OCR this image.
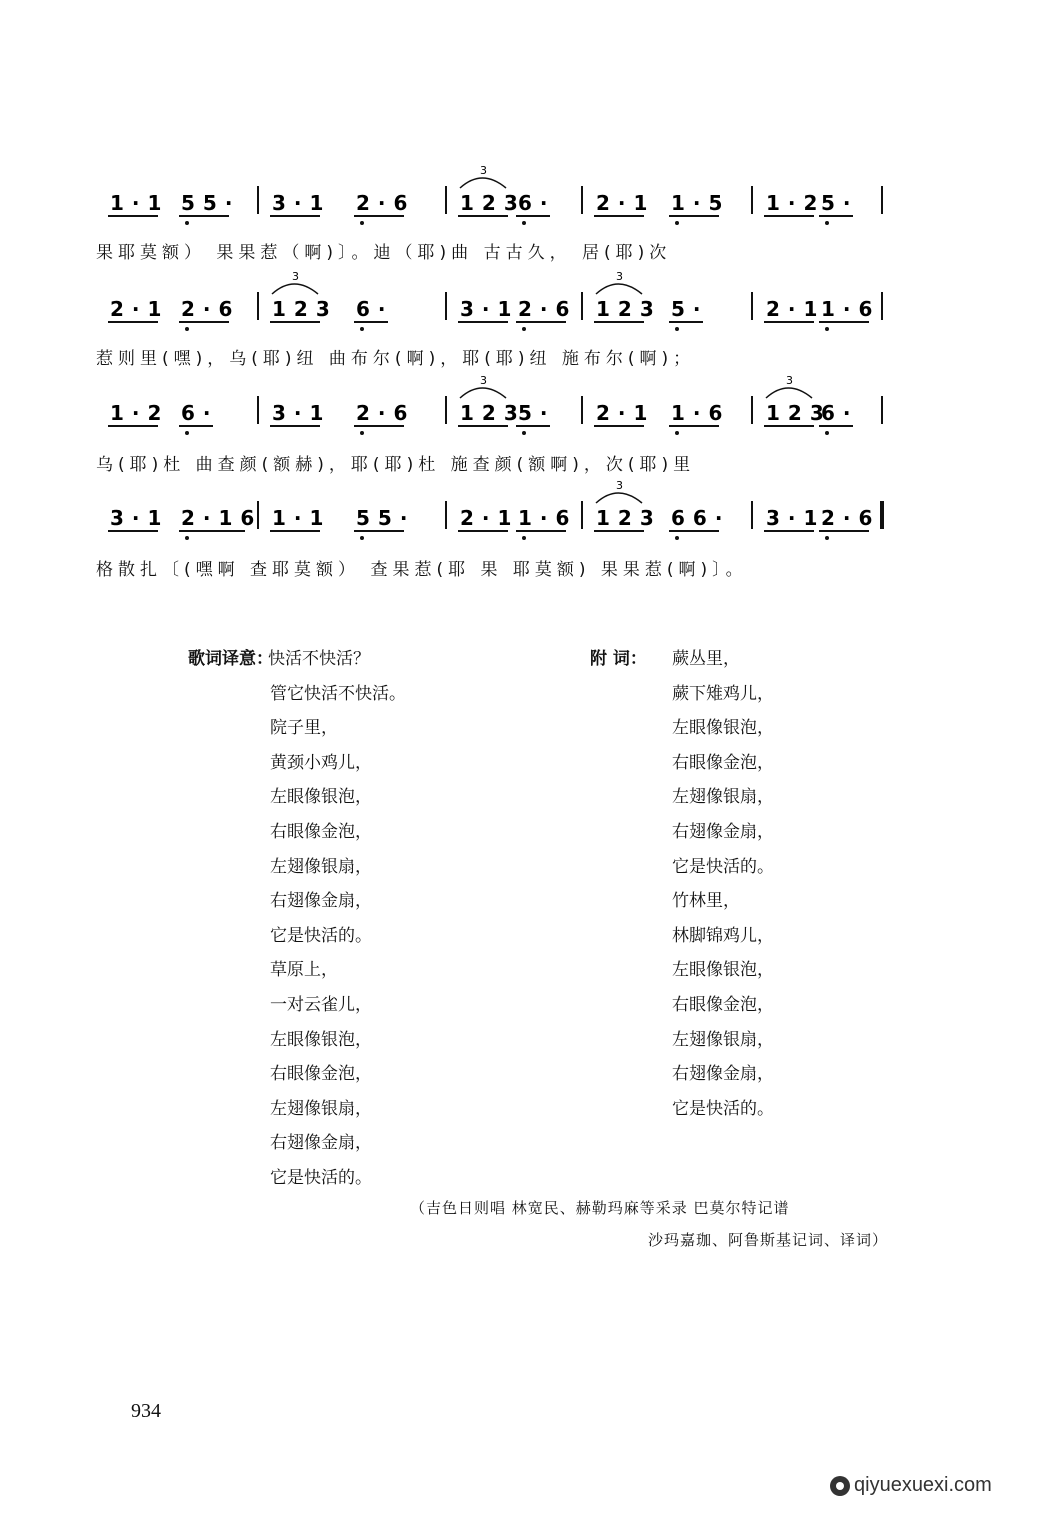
1·1 55· 3·1 2·6 123
3
6· 2·1 1·5 1·2
5·
2·1 2·6 123
3
6·	3·1
2·6 123
3
5·	2·1
1·6
1·2 6·	3·1 2·6 123
3
5· 2·1 1·6 123
3
6·
3·1 2·16 1·1 55· 2·1
1·6 123
3
66· 3·1
2·6
果耶莫额） 果果惹（啊)〕。迪（耶)曲 古古久， 居(耶)次
惹则里(嘿)，乌(耶)纽 曲布尔(啊)，耶(耶)纽 施布尔(啊)；
乌(耶)杜 曲查颜(额赫)，耶(耶)杜 施查颜(额啊)，次(耶)里
格散扎〔(嘿啊 查耶莫额） 查果惹(耶 果 耶莫额) 果果惹(啊)〕。
歌词译意：
快活不快活？
管它快活不快活。
院子里，
黄颈小鸡儿，
左眼像银泡，
右眼像金泡，
左翅像银扇，
右翅像金扇，
它是快活的。
草原上，
一对云雀儿，
左眼像银泡，
右眼像金泡，
左翅像银扇，
右翅像金扇，
它是快活的。
附 词： 蕨丛里，
蕨下雉鸡儿，
左眼像银泡，
右眼像金泡，
左翅像银扇，
右翅像金扇，
它是快活的。
竹林里，
林脚锦鸡儿，
左眼像银泡，
右眼像金泡，
左翅像银扇，
右翅像金扇，
它是快活的。
（吉色日则唱 林宽民、赫勒玛麻等采录 巴莫尔特记谱
沙玛嘉珈、阿鲁斯基记词、译词）
934
qiyuexuexi.com
